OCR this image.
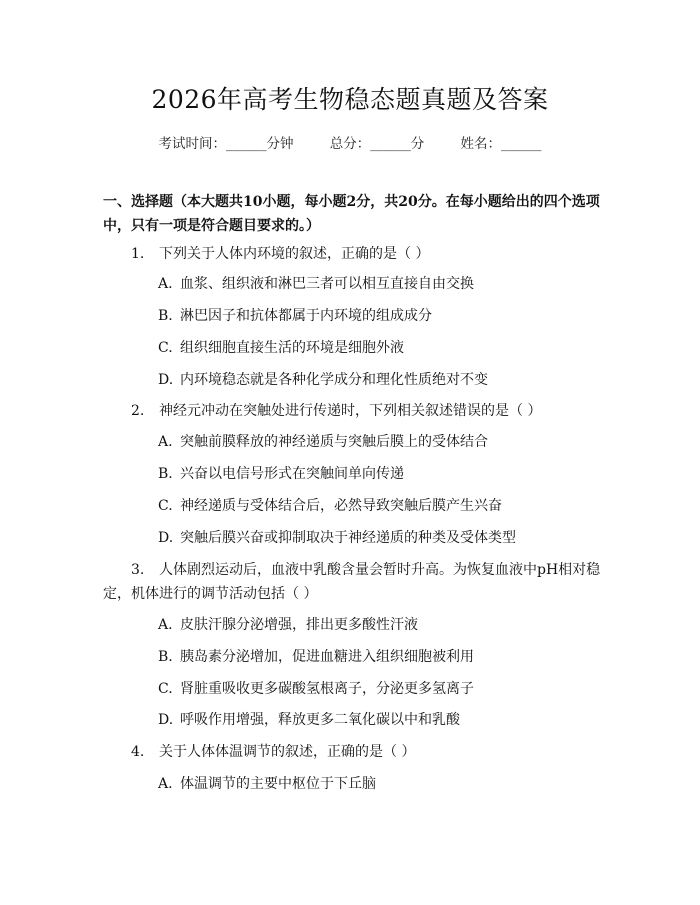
2026年高考生物稳态题真题及答案
考试时间：______分钟	总分：______分	姓名：______
一、选择题（本大题共10小题，每小题2分，共20分。在每小题给出的四个选项中，只有一项是符合题目要求的。）
1. 下列关于人体内环境的叙述，正确的是（ ）
A. 血浆、组织液和淋巴三者可以相互直接自由交换
B. 淋巴因子和抗体都属于内环境的组成成分
C. 组织细胞直接生活的环境是细胞外液
D. 内环境稳态就是各种化学成分和理化性质绝对不变
2. 神经元冲动在突触处进行传递时，下列相关叙述错误的是（ ）
A. 突触前膜释放的神经递质与突触后膜上的受体结合
B. 兴奋以电信号形式在突触间单向传递
C. 神经递质与受体结合后，必然导致突触后膜产生兴奋
D. 突触后膜兴奋或抑制取决于神经递质的种类及受体类型
3. 人体剧烈运动后，血液中乳酸含量会暂时升高。为恢复血液中pH相对稳定，机体进行的调节活动包括（ ）
A. 皮肤汗腺分泌增强，排出更多酸性汗液
B. 胰岛素分泌增加，促进血糖进入组织细胞被利用
C. 肾脏重吸收更多碳酸氢根离子，分泌更多氢离子
D. 呼吸作用增强，释放更多二氧化碳以中和乳酸
4. 关于人体体温调节的叙述，正确的是（ ）
A. 体温调节的主要中枢位于下丘脑
